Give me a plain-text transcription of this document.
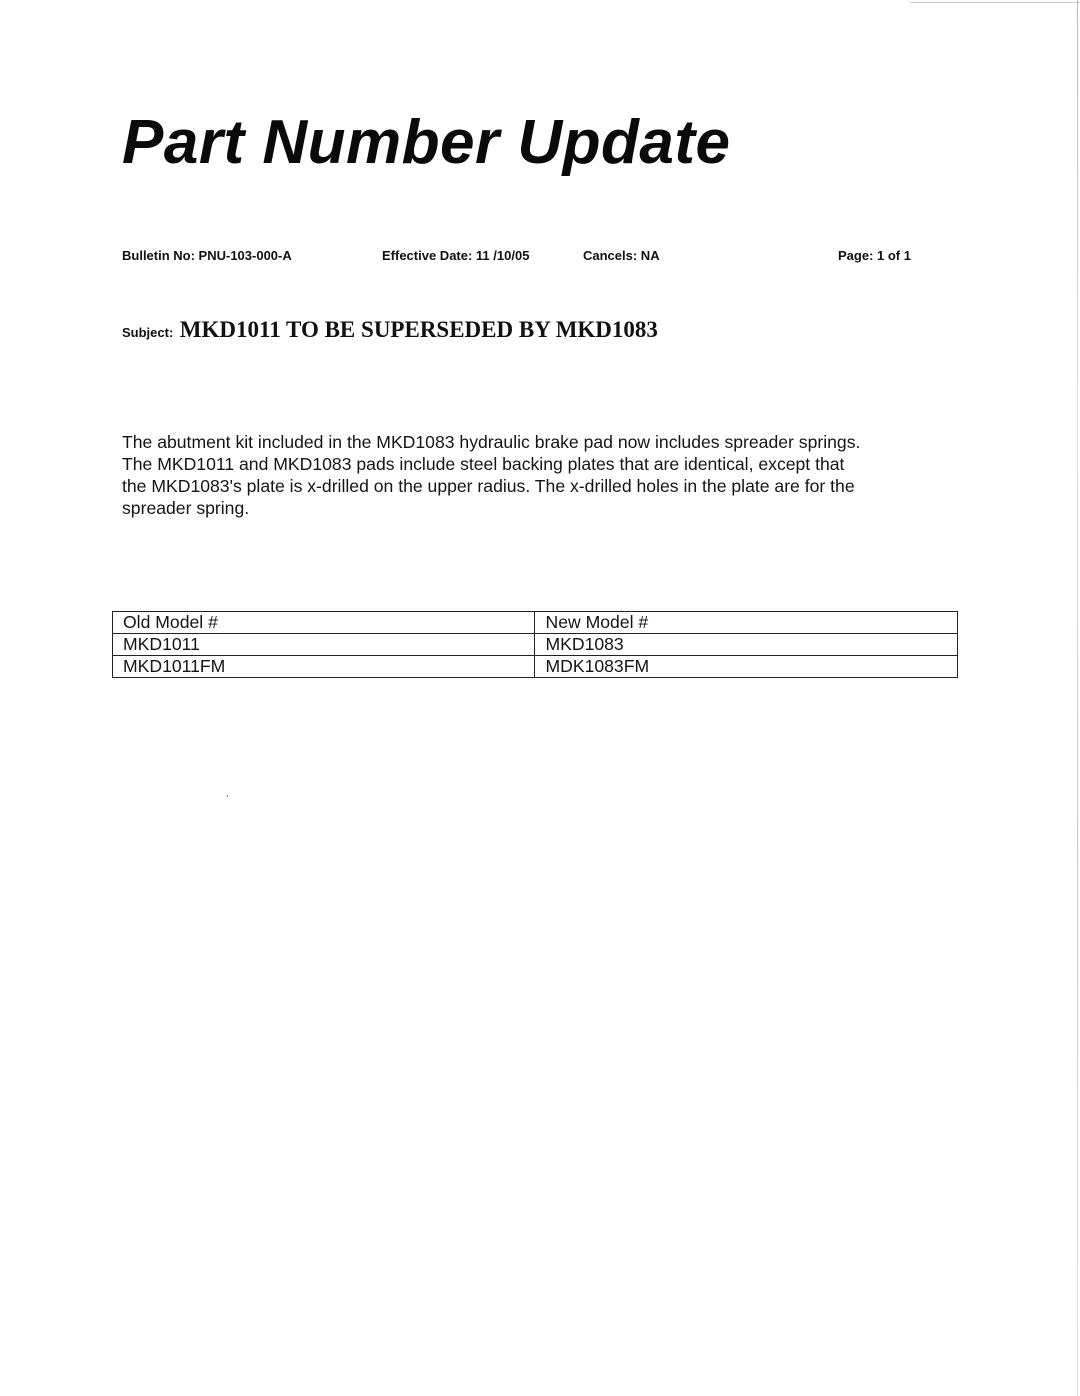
Part Number Update
Bulletin No: PNU-103-000-A	Effective Date: 11 /10/05	Cancels: NA	Page: 1 of 1
Subject: MKD1011 TO BE SUPERSEDED BY MKD1083

The abutment kit included in the MKD1083 hydraulic brake pad now includes spreader springs.
The MKD1011 and MKD1083 pads include steel backing plates that are identical, except that
the MKD1083's plate is x-drilled on the upper radius. The x-drilled holes in the plate are for the
spreader spring.

Old Model #	New Model #
MKD1011	MKD1083
MKD1011FM	MDK1083FM
